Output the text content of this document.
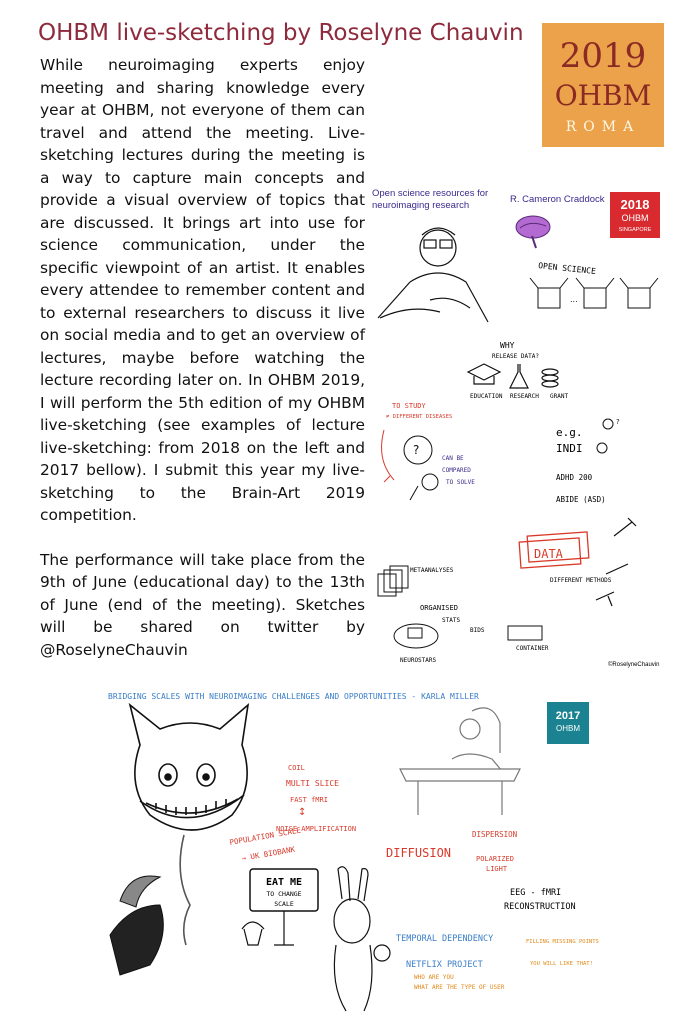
OHBM live-sketching by Roselyne Chauvin

While neuroimaging experts enjoy meeting and sharing knowledge every year at OHBM, not everyone of them can travel and attend the meeting. Live-sketching lectures during the meeting is a way to capture main concepts and provide a visual overview of topics that are discussed. It brings art into use for science communication, under the specific viewpoint of an artist. It enables every attendee to remember content and to external researchers to discuss it live on social media and to get an overview of lectures, maybe before watching the lecture recording later on. In OHBM 2019, I will perform the 5th edition of my OHBM live-sketching (see examples of lecture live-sketching: from 2018 on the left and 2017 bellow). I submit this year my live-sketching to the Brain-Art 2019 competition.

The performance will take place from the 9th of June (educational day) to the 13th of June (end of the meeting). Sketches will be shared on twitter by @RoselyneChauvin

2019
OHBM
ROMA
Open science resources for
neuroimaging research
R. Cameron Craddock 2018
OHBM
SINGAPORE
OPEN SCIENCE
...
WHY
RELEASE DATA?
EDUCATION RESEARCH GRANT
TO STUDY
≠ DIFFERENT DISEASES
?
CAN BE
COMPARED
TO SOLVE
e.g.
INDI
?
ADHD 200
ABIDE (ASD)
DATA
DIFFERENT METHODS
METAANALYSES
ORGANISED
STATS
BIDS
NEUROSTARS
CONTAINER
©RoselyneChauvin
BRIDGING SCALES WITH NEUROIMAGING CHALLENGES AND OPPORTUNITIES - KARLA MILLER
2017
OHBM
COIL
MULTI SLICE
FAST fMRI
↕
NOISE AMPLIFICATION
POPULATION SCALE
→ UK BIOBANK
EAT ME
TO CHANGE
SCALE
DIFFUSION
DISPERSION
POLARIZED
LIGHT
EEG - fMRI
RECONSTRUCTION
TEMPORAL DEPENDENCY	FILLING MISSING POINTS
NETFLIX PROJECT
WHO ARE YOU
WHAT ARE THE TYPE OF USER
YOU WILL LIKE THAT!
